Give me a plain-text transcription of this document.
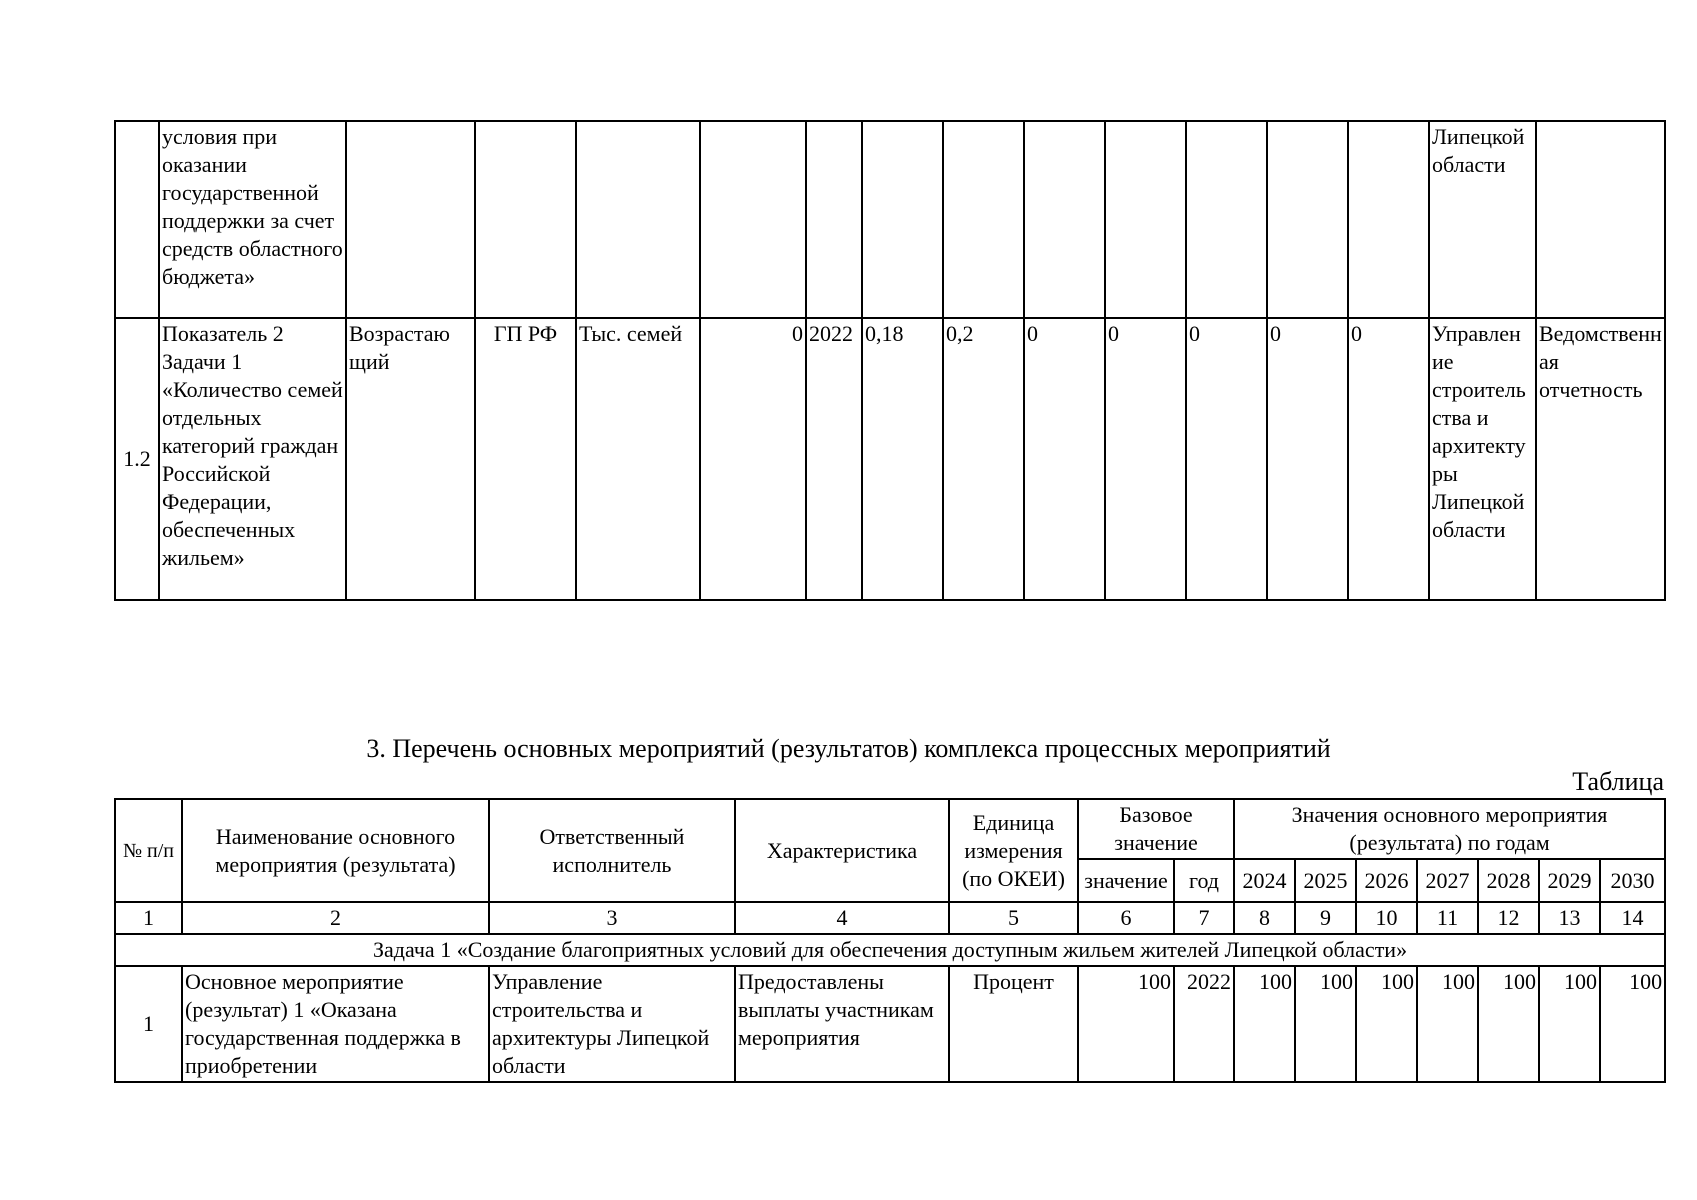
	условия при оказании государственной поддержки за счет средств областного бюджета»													Липецкой области	
1.2	Показатель 2 Задачи 1 «Количество семей отдельных категорий граждан Российской Федерации, обеспеченных жильем»	Возрастаю щий	ГП РФ	Тыс. семей	0	2022	0,18	0,2	0	0	0	0	0	Управлен ие строитель ства и архитекту ры Липецкой области	Ведомственн ая отчетность
3. Перечень основных мероприятий (результатов) комплекса процессных мероприятий
Таблица
№ п/п	Наименование основного мероприятия (результата)	Ответственный исполнитель	Характеристика	Единица измерения (по ОКЕИ)	Базовое значение		Значения основного мероприятия (результата) по годам						
					значение	год	2024	2025	2026	2027	2028	2029	2030
1	2	3	4	5	6	7	8	9	10	11	12	13	14
Задача 1 «Создание благоприятных условий для обеспечения доступным жильем жителей Липецкой области»													
1	Основное мероприятие (результат) 1 «Оказана государственная поддержка в приобретении	Управление строительства и архитектуры Липецкой области	Предоставлены выплаты участникам мероприятия	Процент	100	2022	100	100	100	100	100	100	100
